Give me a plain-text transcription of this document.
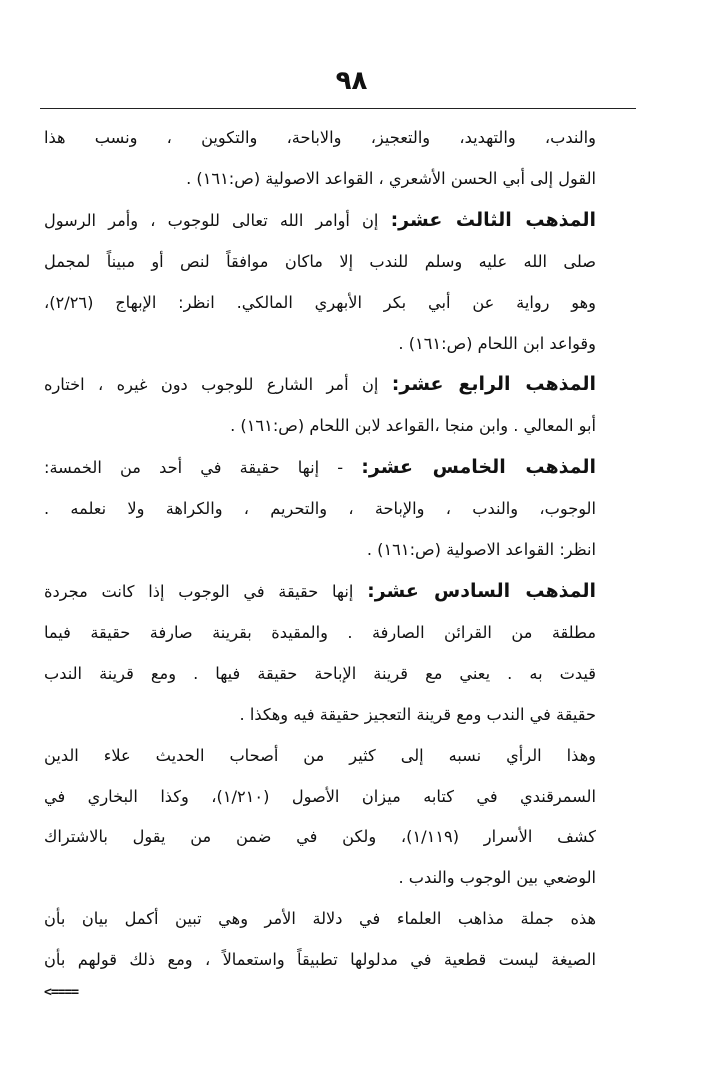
٩٨
والندب، والتهديد، والتعجيز، والاباحة، والتكوين ، ونسب هذا
القول إلى أبي الحسن الأشعري ، القواعد الاصولية (ص:١٦١) .
المذهب الثالث عشر: إن أوامر الله تعالى للوجوب ، وأمر الرسول
صلى الله عليه وسلم للندب إلا ماكان موافقاً لنص أو مبيناً لمجمل
وهو رواية عن أبي بكر الأبهري المالكي. انظر: الإبهاج (٢/٢٦)،
وقواعد ابن اللحام (ص:١٦١) .
المذهب الرابع عشر: إن أمر الشارع للوجوب دون غيره ، اختاره
أبو المعالي . وابن منجا ،القواعد لابن اللحام (ص:١٦١) .
المذهب الخامس عشر: - إنها حقيقة في أحد من الخمسة:
الوجوب، والندب ، والإباحة ، والتحريم ، والكراهة ولا نعلمه .
انظر: القواعد الاصولية (ص:١٦١) .
المذهب السادس عشر: إنها حقيقة في الوجوب إذا كانت مجردة
مطلقة من القرائن الصارفة . والمقيدة بقرينة صارفة حقيقة فيما
قيدت به . يعني مع قرينة الإباحة حقيقة فيها . ومع قرينة الندب
حقيقة في الندب ومع قرينة التعجيز حقيقة فيه وهكذا .
وهذا الرأي نسبه إلى كثير من أصحاب الحديث علاء الدين
السمرقندي في كتابه ميزان الأصول (١/٢١٠)، وكذا البخاري في
كشف الأسرار (١/١١٩)، ولكن في ضمن من يقول بالاشتراك
الوضعي بين الوجوب والندب .
هذه جملة مذاهب العلماء في دلالة الأمر وهي تبين أكمل بيان بأن
الصيغة ليست قطعية في مدلولها تطبيقاً واستعمالاً ، ومع ذلك قولهم بأن
<====
